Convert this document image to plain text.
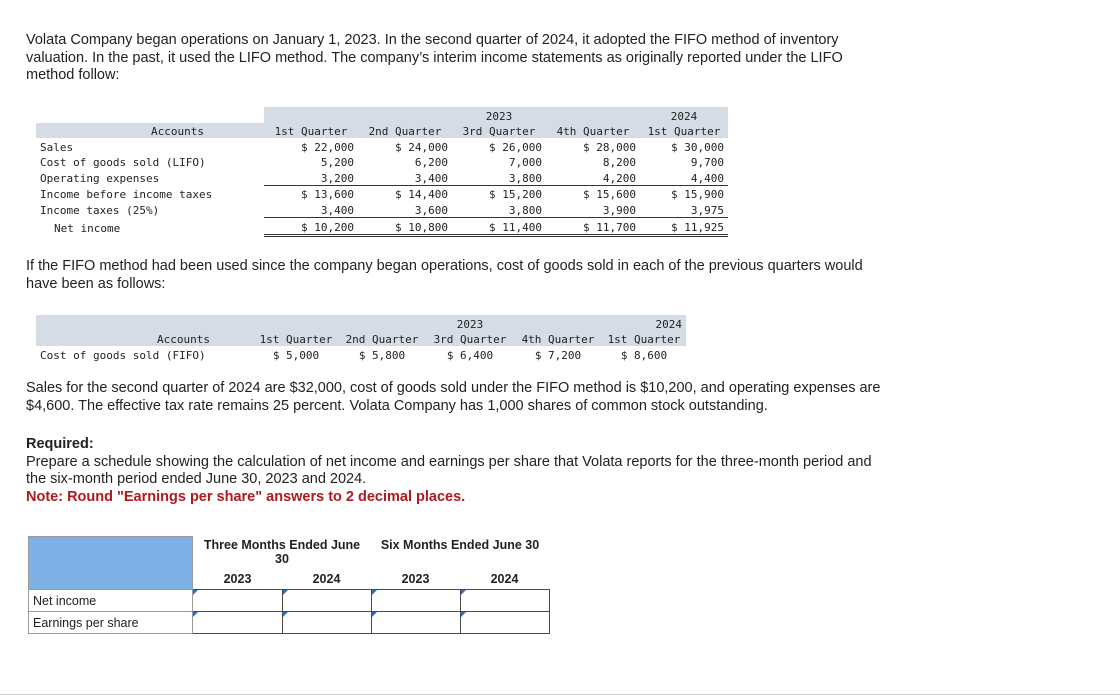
Volata Company began operations on January 1, 2023. In the second quarter of 2024, it adopted the FIFO method of inventory
valuation. In the past, it used the LIFO method. The company’s interim income statements as originally reported under the LIFO
method follow:
			2023		2024
Accounts	1st Quarter	2nd Quarter	3rd Quarter	4th Quarter	1st Quarter
Sales	$ 22,000	$ 24,000	$ 26,000	$ 28,000	$ 30,000
Cost of goods sold (LIFO)	5,200	6,200	7,000	8,200	9,700
Operating expenses	3,200	3,400	3,800	4,200	4,400
Income before income taxes	$ 13,600	$ 14,400	$ 15,200	$ 15,600	$ 15,900
Income taxes (25%)	3,400	3,600	3,800	3,900	3,975
Net income	$ 10,200	$ 10,800	$ 11,400	$ 11,700	$ 11,925
If the FIFO method had been used since the company began operations, cost of goods sold in each of the previous quarters would
have been as follows:
			2023		2024
Accounts	1st Quarter	2nd Quarter	3rd Quarter	4th Quarter	1st Quarter
Cost of goods sold (FIFO)	$ 5,000	$ 5,800	$ 6,400	$ 7,200	$ 8,600
Sales for the second quarter of 2024 are $32,000, cost of goods sold under the FIFO method is $10,200, and operating expenses are
$4,600. The effective tax rate remains 25 percent. Volata Company has 1,000 shares of common stock outstanding.
Required:
Prepare a schedule showing the calculation of net income and earnings per share that Volata reports for the three-month period and
the six-month period ended June 30, 2023 and 2024.
Note: Round "Earnings per share" answers to 2 decimal places.
	Three Months Ended June 30		Six Months Ended June 30	
	2023	2024	2023	2024
Net income	

Earnings per share	
